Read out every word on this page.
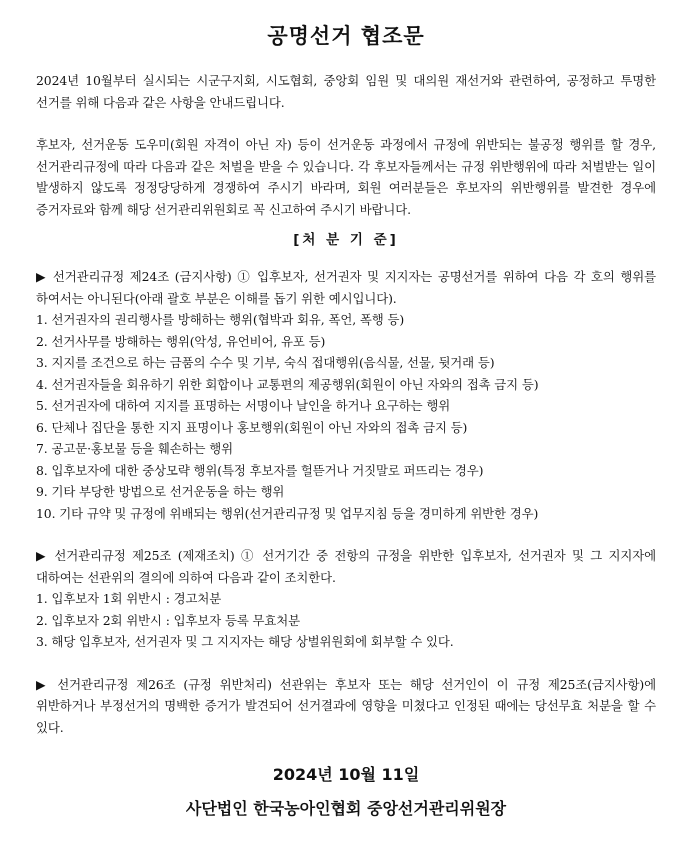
공명선거 협조문

2024년 10월부터 실시되는 시군구지회, 시도협회, 중앙회 임원 및 대의원 재선거와 관련하여, 공정하고 투명한 선거를 위해 다음과 같은 사항을 안내드립니다.

후보자, 선거운동 도우미(회원 자격이 아닌 자) 등이 선거운동 과정에서 규정에 위반되는 불공정 행위를 할 경우, 선거관리규정에 따라 다음과 같은 처벌을 받을 수 있습니다. 각 후보자들께서는 규정 위반행위에 따라 처벌받는 일이 발생하지 않도록 정정당당하게 경쟁하여 주시기 바라며, 회원 여러분들은 후보자의 위반행위를 발견한 경우에 증거자료와 함께 해당 선거관리위원회로 꼭 신고하여 주시기 바랍니다.

[처 분 기 준]

▶ 선거관리규정 제24조 (금지사항) ① 입후보자, 선거권자 및 지지자는 공명선거를 위하여 다음 각 호의 행위를 하여서는 아니된다(아래 괄호 부분은 이해를 돕기 위한 예시입니다).

1. 선거권자의 권리행사를 방해하는 행위(협박과 회유, 폭언, 폭행 등)
2. 선거사무를 방해하는 행위(악성, 유언비어, 유포 등)
3. 지지를 조건으로 하는 금품의 수수 및 기부, 숙식 접대행위(음식물, 선물, 뒷거래 등)
4. 선거권자들을 회유하기 위한 회합이나 교통편의 제공행위(회원이 아닌 자와의 접촉 금지 등)
5. 선거권자에 대하여 지지를 표명하는 서명이나 날인을 하거나 요구하는 행위
6. 단체나 집단을 통한 지지 표명이나 홍보행위(회원이 아닌 자와의 접촉 금지 등)
7. 공고문·홍보물 등을 훼손하는 행위
8. 입후보자에 대한 중상모략 행위(특정 후보자를 헐뜯거나 거짓말로 퍼뜨리는 경우)
9. 기타 부당한 방법으로 선거운동을 하는 행위
10. 기타 규약 및 규정에 위배되는 행위(선거관리규정 및 업무지침 등을 경미하게 위반한 경우)

▶ 선거관리규정 제25조 (제재조치) ① 선거기간 중 전항의 규정을 위반한 입후보자, 선거권자 및 그 지지자에 대하여는 선관위의 결의에 의하여 다음과 같이 조치한다.

1. 입후보자 1회 위반시 : 경고처분
2. 입후보자 2회 위반시 : 입후보자 등록 무효처분
3. 해당 입후보자, 선거권자 및 그 지지자는 해당 상벌위원회에 회부할 수 있다.

▶ 선거관리규정 제26조 (규정 위반처리) 선관위는 후보자 또는 해당 선거인이 이 규정 제25조(금지사항)에 위반하거나 부정선거의 명백한 증거가 발견되어 선거결과에 영향을 미쳤다고 인정된 때에는 당선무효 처분을 할 수 있다.

2024년 10월 11일
사단법인 한국농아인협회 중앙선거관리위원장
